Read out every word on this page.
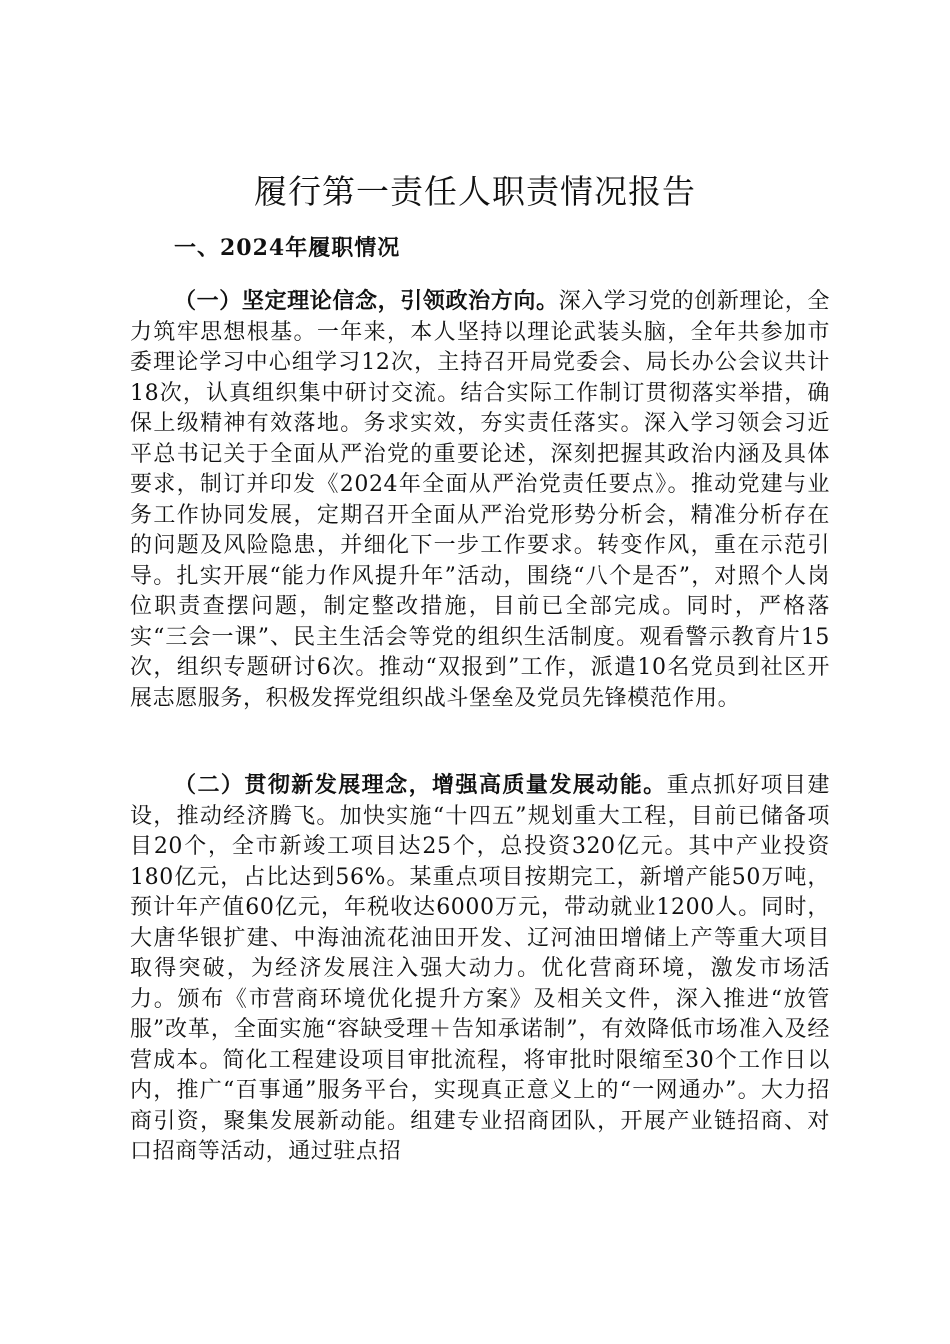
履行第一责任人职责情况报告
一、2024年履职情况

（一）坚定理论信念，引领政治方向。深入学习党的创新理论，全力筑牢思想根基。一年来，本人坚持以理论武装头脑，全年共参加市委理论学习中心组学习12次，主持召开局党委会、局长办公会议共计18次，认真组织集中研讨交流。结合实际工作制订贯彻落实举措，确保上级精神有效落地。务求实效，夯实责任落实。深入学习领会习近平总书记关于全面从严治党的重要论述，深刻把握其政治内涵及具体要求，制订并印发《2024年全面从严治党责任要点》。推动党建与业务工作协同发展，定期召开全面从严治党形势分析会，精准分析存在的问题及风险隐患，并细化下一步工作要求。转变作风，重在示范引导。扎实开展“能力作风提升年”活动，围绕“八个是否”，对照个人岗位职责查摆问题，制定整改措施，目前已全部完成。同时，严格落实“三会一课”、民主生活会等党的组织生活制度。观看警示教育片15次，组织专题研讨6次。推动“双报到”工作，派遣10名党员到社区开展志愿服务，积极发挥党组织战斗堡垒及党员先锋模范作用。

（二）贯彻新发展理念，增强高质量发展动能。重点抓好项目建设，推动经济腾飞。加快实施“十四五”规划重大工程，目前已储备项目20个，全市新竣工项目达25个，总投资320亿元。其中产业投资180亿元，占比达到56%。某重点项目按期完工，新增产能50万吨，预计年产值60亿元，年税收达6000万元，带动就业1200人。同时，大唐华银扩建、中海油流花油田开发、辽河油田增储上产等重大项目取得突破，为经济发展注入强大动力。优化营商环境，激发市场活力。颁布《市营商环境优化提升方案》及相关文件，深入推进“放管服”改革，全面实施“容缺受理＋告知承诺制”，有效降低市场准入及经营成本。简化工程建设项目审批流程，将审批时限缩至30个工作日以内，推广“百事通”服务平台，实现真正意义上的“一网通办”。大力招商引资，聚集发展新动能。组建专业招商团队，开展产业链招商、对口招商等活动，通过驻点招
